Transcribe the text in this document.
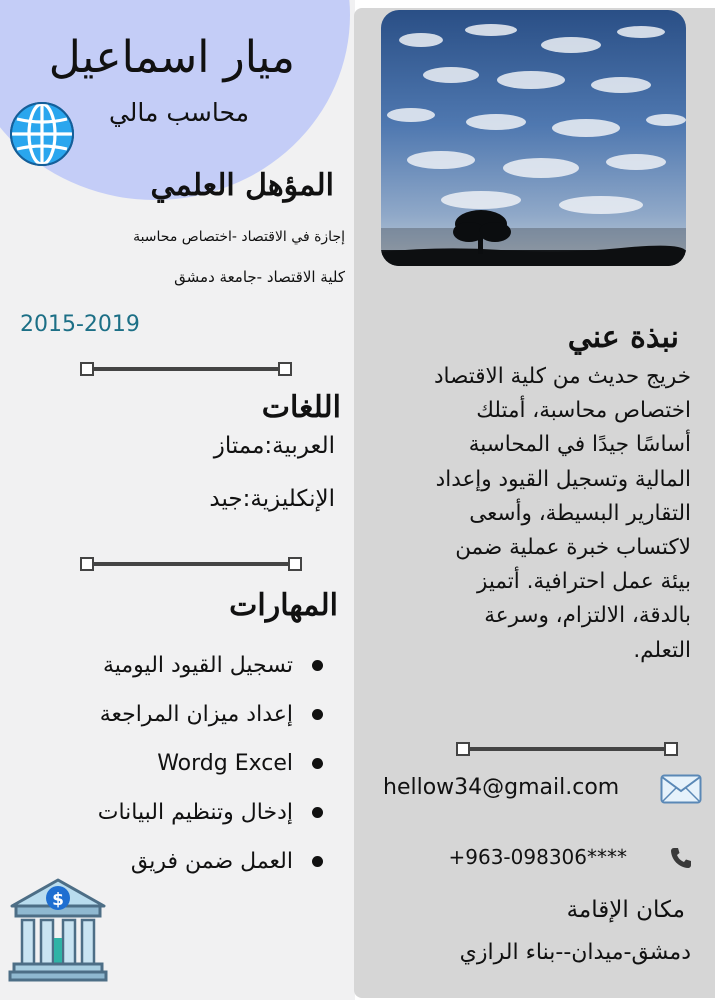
ميار اسماعيل
محاسب مالي
المؤهل العلمي
إجازة في الاقتصاد -اختصاص محاسبة
كلية الاقتصاد -جامعة دمشق
2015-2019
اللغات
العربية:ممتاز
الإنكليزية:جيد
المهارات
تسجيل القيود اليومية
إعداد ميزان المراجعة
Wordg Excel
إدخال وتنظيم البيانات
العمل ضمن فريق
$
نبذة عني
خريج حديث من كلية الاقتصاد اختصاص محاسبة، أمتلك أساسًا جيدًا في المحاسبة المالية وتسجيل القيود وإعداد التقارير البسيطة، وأسعى لاكتساب خبرة عملية ضمن بيئة عمل احترافية. أتميز بالدقة، الالتزام، وسرعة التعلم.
hellow34@gmail.com
+963-098306****
مكان الإقامة
دمشق-ميدان--بناء الرازي
